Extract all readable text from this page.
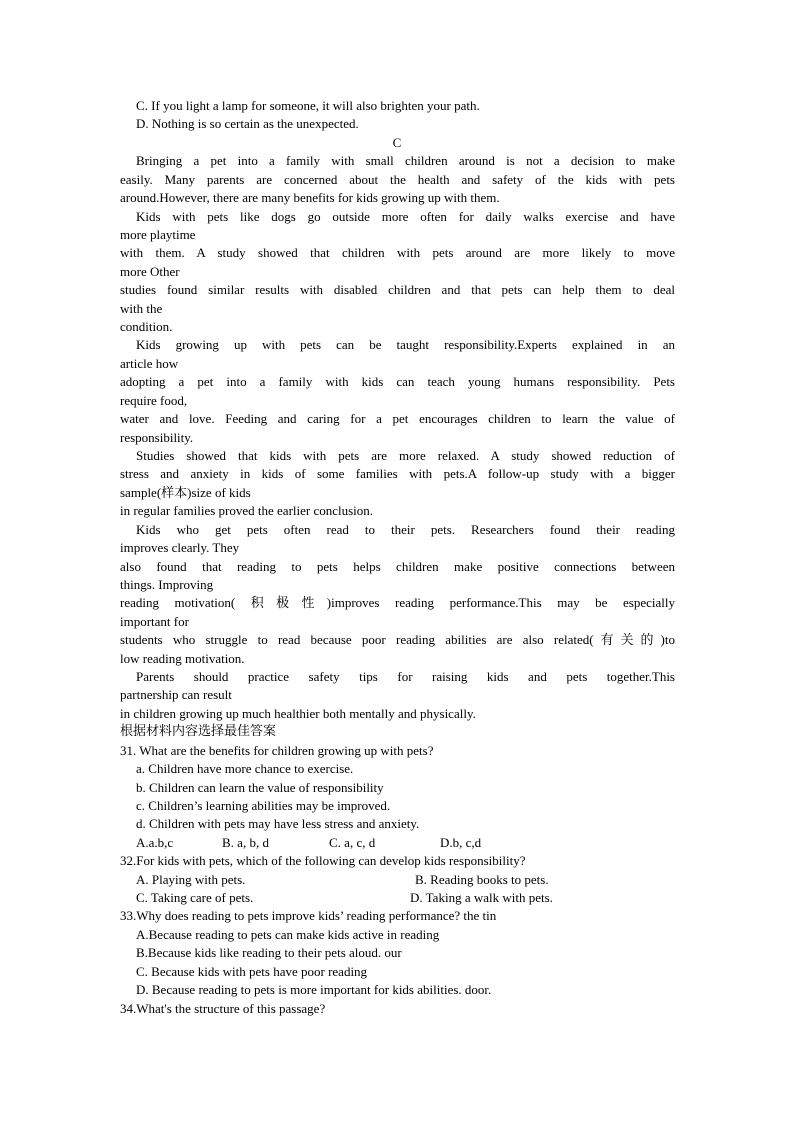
C. If you light a lamp for someone, it will also brighten your path.
D. Nothing is so certain as the unexpected.
C
Bringing a pet into a family with small children around is not a decision to make
easily. Many parents are concerned about the health and safety of the kids with pets
around.However, there are many benefits for kids growing up with them.
Kids with pets like dogs go outside more often for daily walks exercise and have
more playtime
with them. A study showed that children with pets around are more likely to move
more Other
studies found similar results with disabled children and that pets can help them to deal
with the
condition.
Kids growing up with pets can be taught responsibility.Experts explained in an
article how
adopting a pet into a family with kids can teach young humans responsibility. Pets
require food,
water and love. Feeding and caring for a pet encourages children to learn the value of
responsibility.
Studies showed that kids with pets are more relaxed. A study showed reduction of
stress and anxiety in kids of some families with pets.A follow-up study with a bigger
sample(样本)size of kids
in regular families proved the earlier conclusion.
Kids who get pets often read to their pets. Researchers found their reading
improves clearly. They
also found that reading to pets helps children make positive connections between
things. Improving
reading motivation( 积极性)improves reading performance.This may be especially
important for
students who struggle to read because poor reading abilities are also related(有关的)to
low reading motivation.
Parents should practice safety tips for raising kids and pets together.This
partnership can result
in children growing up much healthier both mentally and physically.
根据材料内容选择最佳答案
31. What are the benefits for children growing up with pets?
a. Children have more chance to exercise.
b. Children can learn the value of responsibility
c. Children’s learning abilities may be improved.
d. Children with pets may have less stress and anxiety.
32.For kids with pets, which of the following can develop kids responsibility?
33.Why does reading to pets improve kids’ reading performance? the tin
A.Because reading to pets can make kids active in reading
B.Because kids like reading to their pets aloud. our
C. Because kids with pets have poor reading
D. Because reading to pets is more important for kids abilities. door.
34.What's the structure of this passage?
A.a.b,c	B. a, b, d	C. a, c, d	D.b, c,d
A. Playing with pets.	B. Reading books to pets.
C. Taking care of pets.	D. Taking a walk with pets.
